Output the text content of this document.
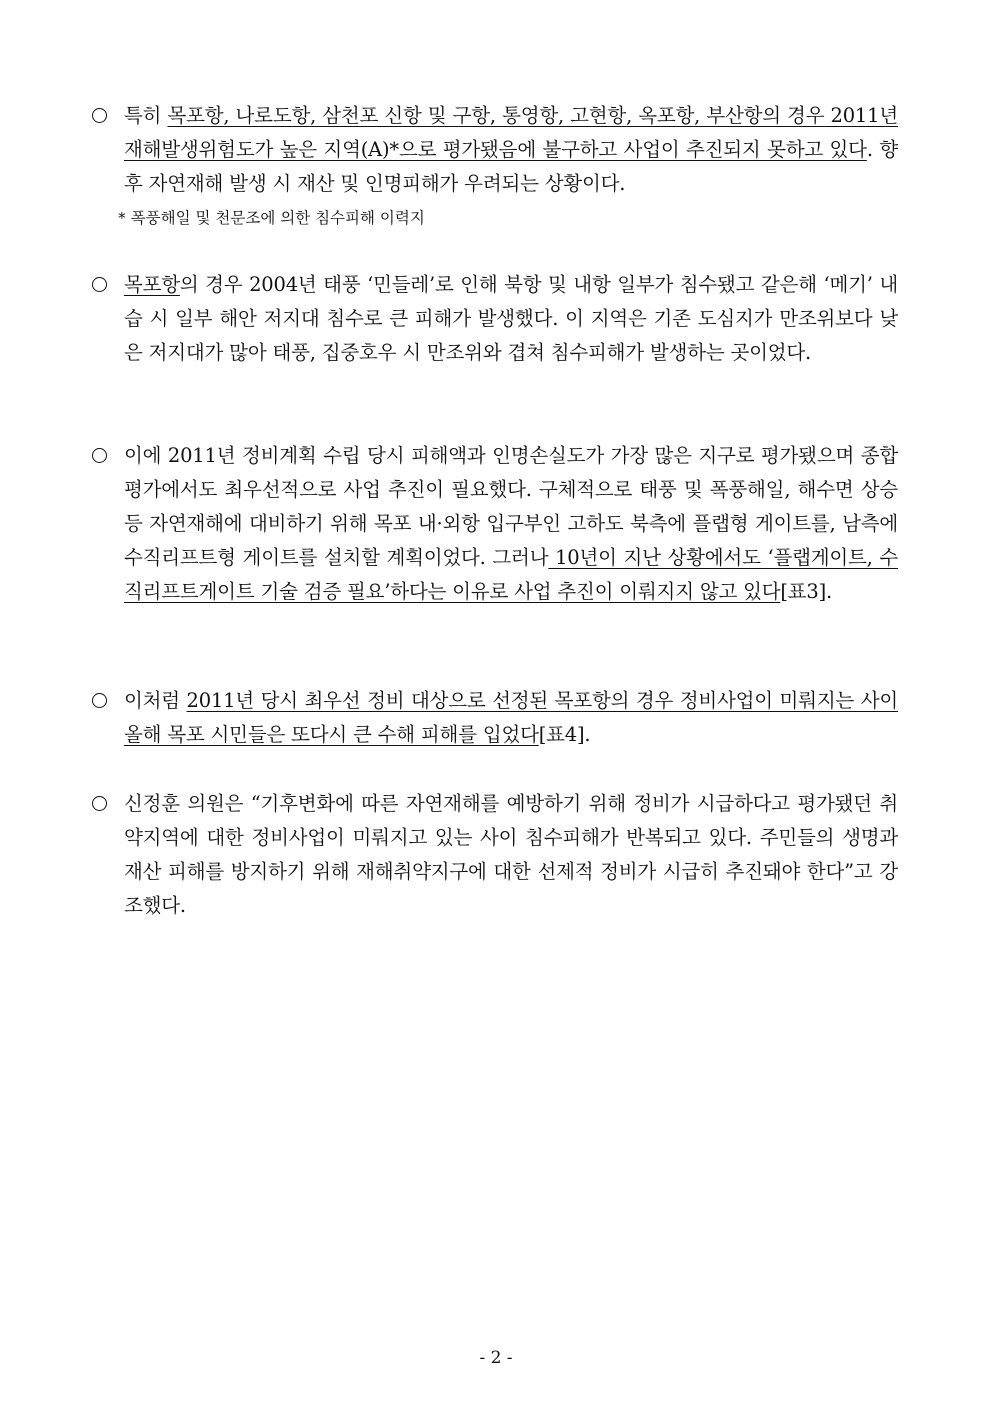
특히 목포항, 나로도항, 삼천포 신항 및 구항, 통영항, 고현항, 옥포항, 부산항의 경우 2011년 재해발생위험도가 높은 지역(A)*으로 평가됐음에 불구하고 사업이 추진되지 못하고 있다. 향후 자연재해 발생 시 재산 및 인명피해가 우려되는 상황이다.
* 폭풍해일 및 천문조에 의한 침수피해 이력지
목포항의 경우 2004년 태풍 ‘민들레’로 인해 북항 및 내항 일부가 침수됐고 같은해 ‘메기’ 내습 시 일부 해안 저지대 침수로 큰 피해가 발생했다. 이 지역은 기존 도심지가 만조위보다 낮은 저지대가 많아 태풍, 집중호우 시 만조위와 겹쳐 침수피해가 발생하는 곳이었다.
이에 2011년 정비계획 수립 당시 피해액과 인명손실도가 가장 많은 지구로 평가됐으며 종합평가에서도 최우선적으로 사업 추진이 필요했다. 구체적으로 태풍 및 폭풍해일, 해수면 상승 등 자연재해에 대비하기 위해 목포 내·외항 입구부인 고하도 북측에 플랩형 게이트를, 남측에 수직리프트형 게이트를 설치할 계획이었다. 그러나 10년이 지난 상황에서도 ‘플랩게이트, 수직리프트게이트 기술 검증 필요’하다는 이유로 사업 추진이 이뤄지지 않고 있다[표3].
이처럼 2011년 당시 최우선 정비 대상으로 선정된 목포항의 경우 정비사업이 미뤄지는 사이 올해 목포 시민들은 또다시 큰 수해 피해를 입었다[표4].
신정훈 의원은 “기후변화에 따른 자연재해를 예방하기 위해 정비가 시급하다고 평가됐던 취약지역에 대한 정비사업이 미뤄지고 있는 사이 침수피해가 반복되고 있다. 주민들의 생명과 재산 피해를 방지하기 위해 재해취약지구에 대한 선제적 정비가 시급히 추진돼야 한다”고 강조했다.
- 2 -
